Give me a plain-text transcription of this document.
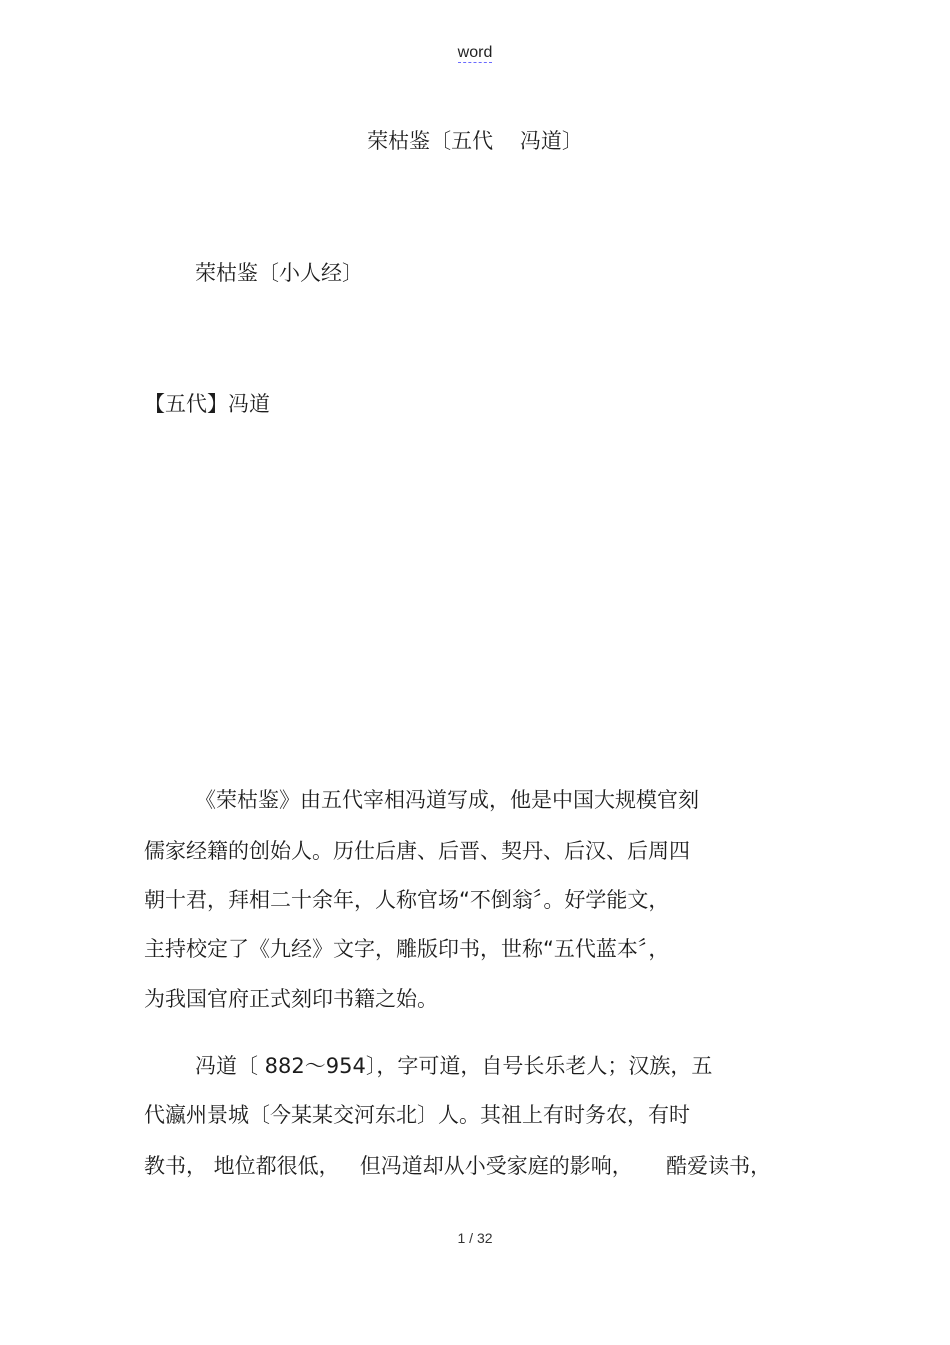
word
荣枯鉴〔五代    冯道〕
荣枯鉴〔小人经〕
【五代】冯道
《荣枯鉴》由五代宰相冯道写成，他是中国大规模官刻
儒家经籍的创始人。历仕后唐、后晋、契丹、后汉、后周四
朝十君，拜相二十余年，人称官场“不倒翁〞。好学能文，
主持校定了《九经》文字，雕版印书，世称“五代蓝本〞，
为我国官府正式刻印书籍之始。
冯道〔 882～954〕，字可道，自号长乐老人；汉族，五
代瀛州景城〔今某某交河东北〕人。其祖上有时务农，有时
教书， 地位都很低，   但冯道却从小受家庭的影响，     酷爱读书，
1 / 32
